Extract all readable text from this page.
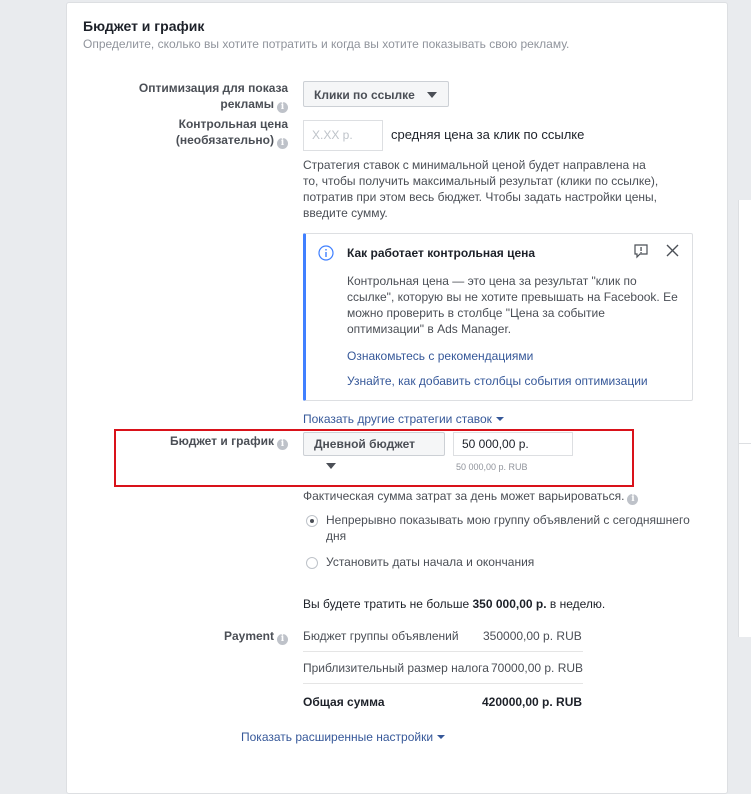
Бюджет и график
Определите, сколько вы хотите потратить и когда вы хотите показывать свою рекламу.
Оптимизация для показа
рекламы i
Клики по ссылке
Контрольная цена
(необязательно) i
X.XX р.	средняя цена за клик по ссылке
Стратегия ставок с минимальной ценой будет направлена на
то, чтобы получить максимальный результат (клики по ссылке),
потратив при этом весь бюджет. Чтобы задать настройки цены,
введите сумму.
Как работает контрольная цена
Контрольная цена — это цена за результат "клик по
ссылке", которую вы не хотите превышать на Facebook. Ее
можно проверить в столбце "Цена за событие
оптимизации" в Ads Manager.
Ознакомьтесь с рекомендациями
Узнайте, как добавить столбцы события оптимизации
Показать другие стратегии ставок
Бюджет и график i	Дневной бюджет	50 000,00 р.
50 000,00 р. RUB
Фактическая сумма затрат за день может варьироваться. i
Непрерывно показывать мою группу объявлений с сегодняшнего
дня
Установить даты начала и окончания
Вы будете тратить не больше 350 000,00 р. в неделю.
Payment i	Бюджет группы объявлений 350000,00 р. RUB
Приблизительный размер налога 70000,00 р. RUB
Общая сумма	420000,00 р. RUB
Показать расширенные настройки
